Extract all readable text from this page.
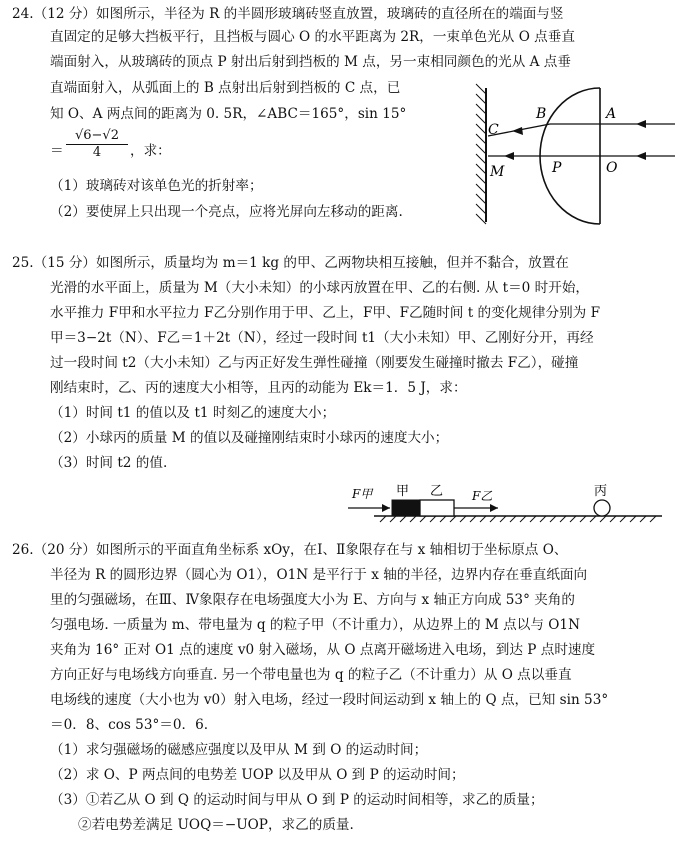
24.（12 分）如图所示，半径为 R 的半圆形玻璃砖竖直放置，玻璃砖的直径所在的端面与竖
直固定的足够大挡板平行，且挡板与圆心 O 的水平距离为 2R，一束单色光从 O 点垂直
端面射入，从玻璃砖的顶点 P 射出后射到挡板的 M 点，另一束相同颜色的光从 A 点垂
直端面射入，从弧面上的 B 点射出后射到挡板的 C 点，已
知 O、A 两点间的距离为 0. 5R，∠ABC＝165°，sin 15°
＝ $\frac{√6-√2}{4}$ ，求：
（1）玻璃砖对该单色光的折射率；
（2）要使屏上只出现一个亮点，应将光屏向左移动的距离.
B	A
C
M	P	O
25.（15 分）如图所示，质量均为 m＝1 kg 的甲、乙两物块相互接触，但并不黏合，放置在
光滑的水平面上，质量为 M（大小未知）的小球丙放置在甲、乙的右侧. 从 t＝0 时开始，
水平推力 F甲和水平拉力 F乙分别作用于甲、乙上，F甲、F乙随时间 t 的变化规律分别为 F
甲＝3−2t（N）、F乙＝1＋2t（N），经过一段时间 t1（大小未知）甲、乙刚好分开，再经
过一段时间 t2（大小未知）乙与丙正好发生弹性碰撞（刚要发生碰撞时撤去 F乙），碰撞
刚结束时，乙、丙的速度大小相等，且丙的动能为 Ek＝1．5 J，求：
（1）时间 t1 的值以及 t1 时刻乙的速度大小；
（2）小球丙的质量 M 的值以及碰撞刚结束时小球丙的速度大小；
（3）时间 t2 的值.
F甲 甲 乙 F乙	丙
26.（20 分）如图所示的平面直角坐标系 xOy，在Ⅰ、Ⅱ象限存在与 x 轴相切于坐标原点 O、
半径为 R 的圆形边界（圆心为 O1），O1N 是平行于 x 轴的半径，边界内存在垂直纸面向
里的匀强磁场，在Ⅲ、Ⅳ象限存在电场强度大小为 E、方向与 x 轴正方向成 53° 夹角的
匀强电场. 一质量为 m、带电量为 q 的粒子甲（不计重力），从边界上的 M 点以与 O1N
夹角为 16° 正对 O1 点的速度 v0 射入磁场，从 O 点离开磁场进入电场，到达 P 点时速度
方向正好与电场线方向垂直. 另一个带电量也为 q 的粒子乙（不计重力）从 O 点以垂直
电场线的速度（大小也为 v0）射入电场，经过一段时间运动到 x 轴上的 Q 点，已知 sin 53°
＝0．8、cos 53°＝0．6.
（1）求匀强磁场的磁感应强度以及甲从 M 到 O 的运动时间；
（2）求 O、P 两点间的电势差 UOP 以及甲从 O 到 P 的运动时间；
（3）①若乙从 O 到 Q 的运动时间与甲从 O 到 P 的运动时间相等，求乙的质量；
②若电势差满足 UOQ＝−UOP，求乙的质量.
